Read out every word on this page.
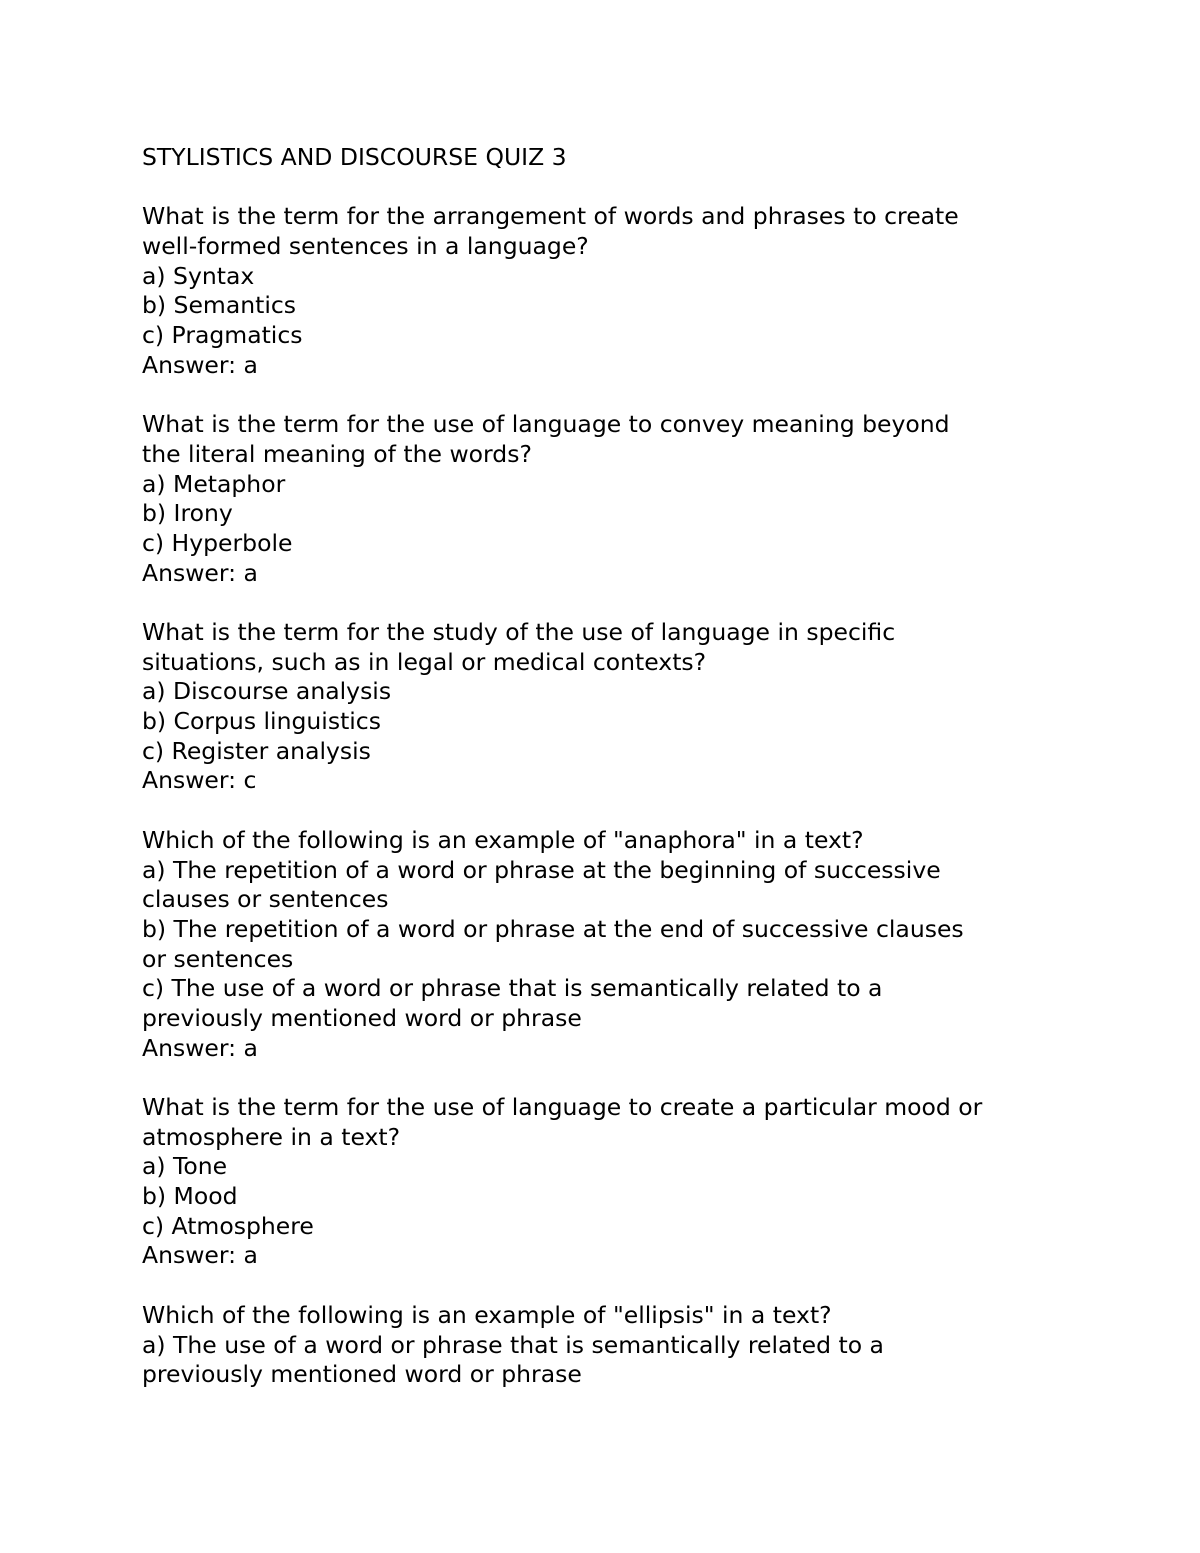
STYLISTICS AND DISCOURSE QUIZ 3
What is the term for the arrangement of words and phrases to create
well-formed sentences in a language?
a) Syntax
b) Semantics
c) Pragmatics
Answer: a
What is the term for the use of language to convey meaning beyond
the literal meaning of the words?
a) Metaphor
b) Irony
c) Hyperbole
Answer: a
What is the term for the study of the use of language in specific
situations, such as in legal or medical contexts?
a) Discourse analysis
b) Corpus linguistics
c) Register analysis
Answer: c
Which of the following is an example of "anaphora" in a text?
a) The repetition of a word or phrase at the beginning of successive
clauses or sentences
b) The repetition of a word or phrase at the end of successive clauses
or sentences
c) The use of a word or phrase that is semantically related to a
previously mentioned word or phrase
Answer: a
What is the term for the use of language to create a particular mood or
atmosphere in a text?
a) Tone
b) Mood
c) Atmosphere
Answer: a
Which of the following is an example of "ellipsis" in a text?
a) The use of a word or phrase that is semantically related to a
previously mentioned word or phrase
